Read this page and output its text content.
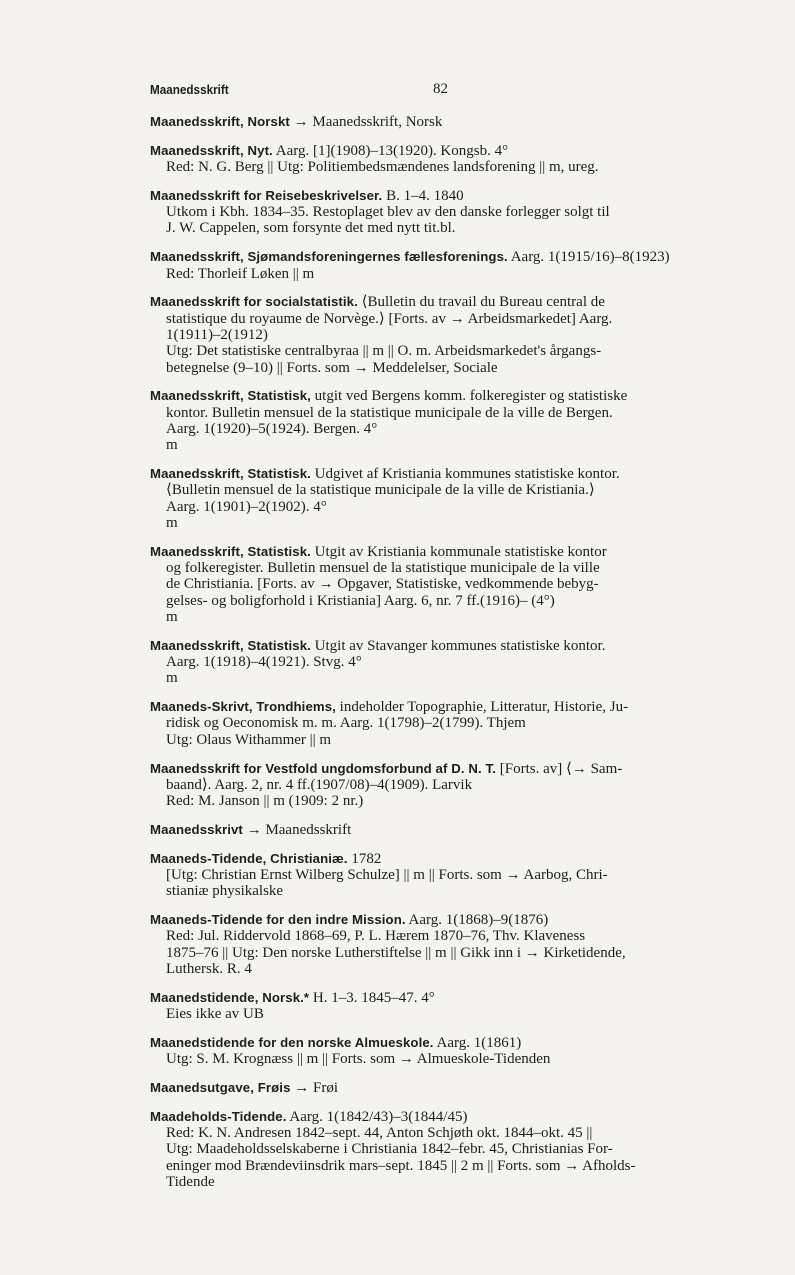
Maanedsskrift	82
Maanedsskrift, Norskt → Maanedsskrift, Norsk
Maanedsskrift, Nyt. Aarg. [1](1908)–13(1920). Kongsb. 4°
Red: N. G. Berg || Utg: Politiembedsmændenes landsforening || m, ureg.
Maanedsskrift for Reisebeskrivelser. B. 1–4. 1840
Utkom i Kbh. 1834–35. Restoplaget blev av den danske forlegger solgt til
J. W. Cappelen, som forsynte det med nytt tit.bl.
Maanedsskrift, Sjømandsforeningernes fællesforenings. Aarg. 1(1915/16)–8(1923)
Red: Thorleif Løken || m
Maanedsskrift for socialstatistik. ⟨Bulletin du travail du Bureau central de
statistique du royaume de Norvège.⟩ [Forts. av → Arbeidsmarkedet] Aarg.
1(1911)–2(1912)
Utg: Det statistiske centralbyraa || m || O. m. Arbeidsmarkedet's årgangs-
betegnelse (9–10) || Forts. som → Meddelelser, Sociale
Maanedsskrift, Statistisk, utgit ved Bergens komm. folkeregister og statistiske
kontor. Bulletin mensuel de la statistique municipale de la ville de Bergen.
Aarg. 1(1920)–5(1924). Bergen. 4°
m
Maanedsskrift, Statistisk. Udgivet af Kristiania kommunes statistiske kontor.
⟨Bulletin mensuel de la statistique municipale de la ville de Kristiania.⟩
Aarg. 1(1901)–2(1902). 4°
m
Maanedsskrift, Statistisk. Utgit av Kristiania kommunale statistiske kontor
og folkeregister. Bulletin mensuel de la statistique municipale de la ville
de Christiania. [Forts. av → Opgaver, Statistiske, vedkommende bebyg-
gelses- og boligforhold i Kristiania] Aarg. 6, nr. 7 ff.(1916)– (4°)
m
Maanedsskrift, Statistisk. Utgit av Stavanger kommunes statistiske kontor.
Aarg. 1(1918)–4(1921). Stvg. 4°
m
Maaneds-Skrivt, Trondhiems, indeholder Topographie, Litteratur, Historie, Ju-
ridisk og Oeconomisk m. m. Aarg. 1(1798)–2(1799). Thjem
Utg: Olaus Withammer || m
Maanedsskrift for Vestfold ungdomsforbund af D. N. T. [Forts. av] ⟨→ Sam-
baand⟩. Aarg. 2, nr. 4 ff.(1907/08)–4(1909). Larvik
Red: M. Janson || m (1909: 2 nr.)
Maanedsskrivt → Maanedsskrift
Maaneds-Tidende, Christianiæ. 1782
[Utg: Christian Ernst Wilberg Schulze] || m || Forts. som → Aarbog, Chri-
stianiæ physikalske
Maaneds-Tidende for den indre Mission. Aarg. 1(1868)–9(1876)
Red: Jul. Riddervold 1868–69, P. L. Hærem 1870–76, Thv. Klaveness
1875–76 || Utg: Den norske Lutherstiftelse || m || Gikk inn i → Kirketidende,
Luthersk. R. 4
Maanedstidende, Norsk.* H. 1–3. 1845–47. 4°
Eies ikke av UB
Maanedstidende for den norske Almueskole. Aarg. 1(1861)
Utg: S. M. Krognæss || m || Forts. som → Almueskole-Tidenden
Maanedsutgave, Frøis → Frøi
Maadeholds-Tidende. Aarg. 1(1842/43)–3(1844/45)
Red: K. N. Andresen 1842–sept. 44, Anton Schjøth okt. 1844–okt. 45 ||
Utg: Maadeholdsselskaberne i Christiania 1842–febr. 45, Christianias For-
eninger mod Brændeviinsdrik mars–sept. 1845 || 2 m || Forts. som → Afholds-
Tidende
